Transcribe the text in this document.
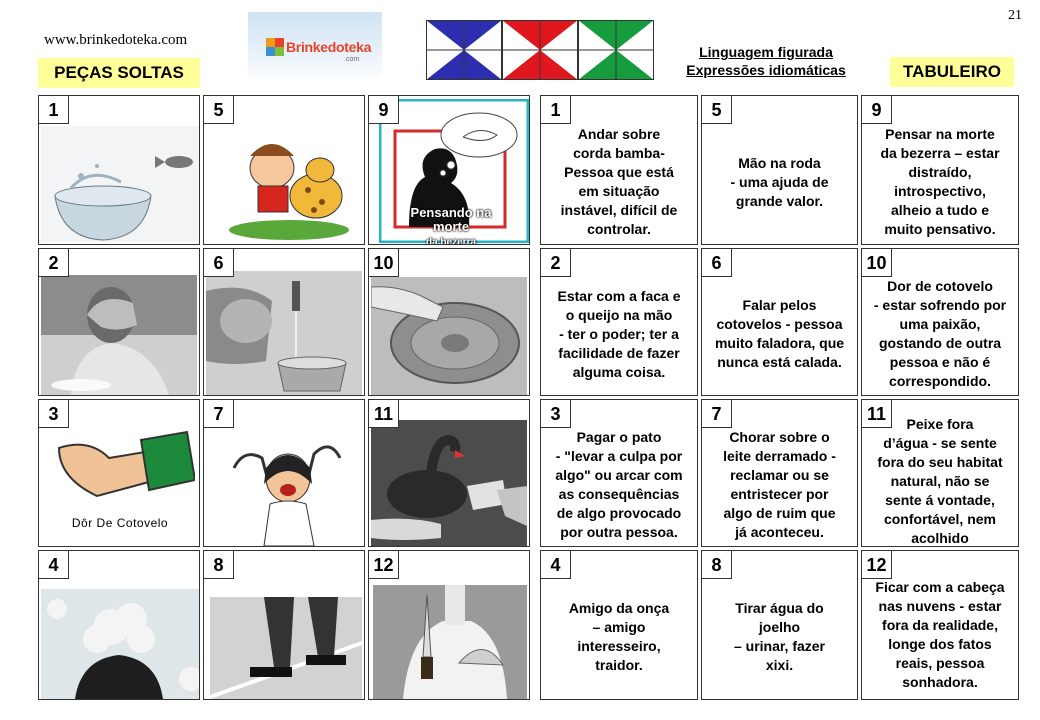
www.brinkedoteka.com
21
Brinkedoteka
.com
PEÇAS SOLTAS	TABULEIRO
Linguagem figurada
Expressões idiomáticas
1	5	9
Pensando na morte
da bezerra
2	6	10
3
Dôr De Cotovelo
7	11
4	8	12
1
Andar sobre
corda bamba-
Pessoa que está
em situação
instável, difícil de
controlar.
5
Mão na roda
- uma ajuda de
grande valor.
9
Pensar na morte
da bezerra – estar
distraído,
introspectivo,
alheio a tudo e
muito pensativo.
2
Estar com a faca e
o queijo na mão
- ter o poder; ter a
facilidade de fazer
alguma coisa.
6
Falar pelos
cotovelos - pessoa
muito faladora, que
nunca está calada.
10
Dor de cotovelo
- estar sofrendo por
uma paixão,
gostando de outra
pessoa e não é
correspondido.
3
Pagar o pato
- "levar a culpa por
algo" ou arcar com
as consequências
de algo provocado
por outra pessoa.
7
Chorar sobre o
leite derramado -
reclamar ou se
entristecer por
algo de ruim que
já aconteceu.
11	Peixe fora
d’água - se sente
fora do seu habitat
natural, não se
sente á vontade,
confortável, nem
acolhido
4
Amigo da onça
– amigo
interesseiro,
traidor.
8
Tirar água do
joelho
– urinar, fazer
xixi.
12
Ficar com a cabeça
nas nuvens - estar
fora da realidade,
longe dos fatos
reais, pessoa
sonhadora.
